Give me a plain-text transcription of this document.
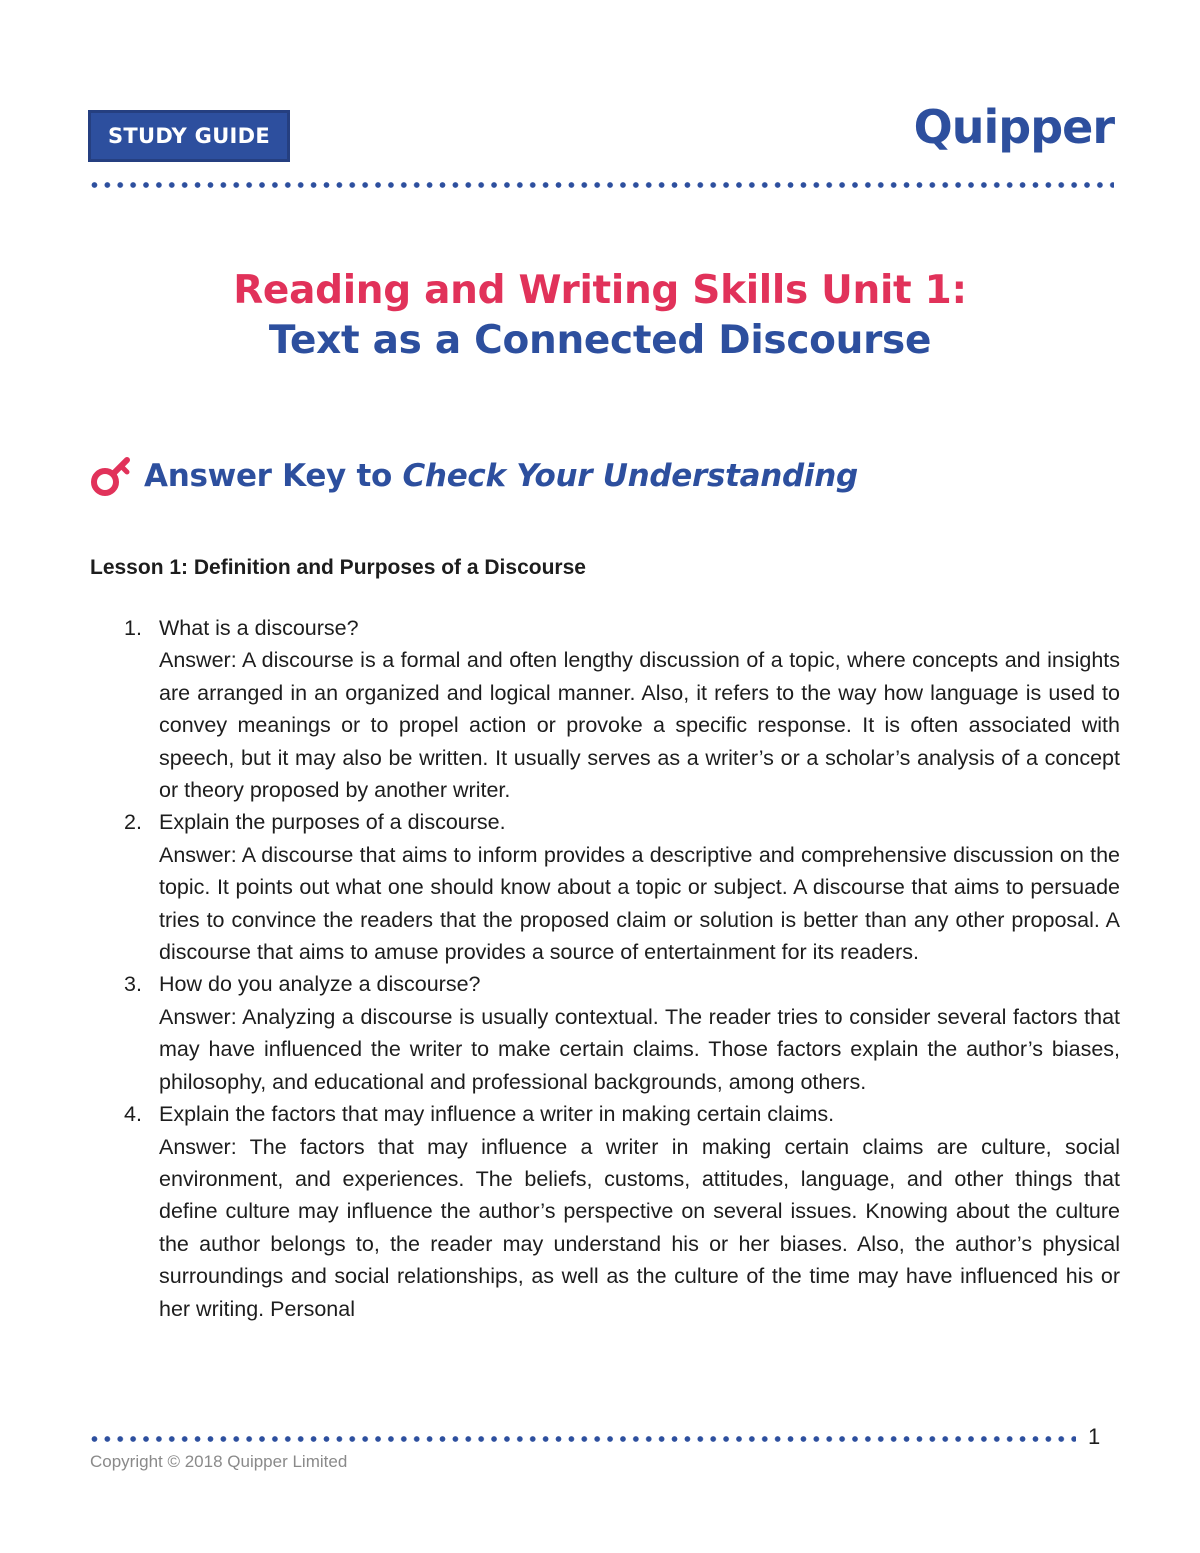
STUDY GUIDE	Quipper
Reading and Writing Skills Unit 1:
Text as a Connected Discourse
Answer Key to Check Your Understanding
Lesson 1: Definition and Purposes of a Discourse
1. What is a discourse?
Answer: A discourse is a formal and often lengthy discussion of a topic, where concepts and insights are arranged in an organized and logical manner. Also, it refers to the way how language is used to convey meanings or to propel action or provoke a specific response. It is often associated with speech, but it may also be written. It usually serves as a writer’s or a scholar’s analysis of a concept or theory proposed by another writer.
2. Explain the purposes of a discourse.
Answer: A discourse that aims to inform provides a descriptive and comprehensive discussion on the topic. It points out what one should know about a topic or subject. A discourse that aims to persuade tries to convince the readers that the proposed claim or solution is better than any other proposal. A discourse that aims to amuse provides a source of entertainment for its readers.
3. How do you analyze a discourse?
Answer: Analyzing a discourse is usually contextual. The reader tries to consider several factors that may have influenced the writer to make certain claims. Those factors explain the author’s biases, philosophy, and educational and professional backgrounds, among others.
4. Explain the factors that may influence a writer in making certain claims.
Answer: The factors that may influence a writer in making certain claims are culture, social environment, and experiences. The beliefs, customs, attitudes, language, and other things that define culture may influence the author’s perspective on several issues. Knowing about the culture the author belongs to, the reader may understand his or her biases. Also, the author’s physical surroundings and social relationships, as well as the culture of the time may have influenced his or her writing. Personal
1
Copyright © 2018 Quipper Limited
